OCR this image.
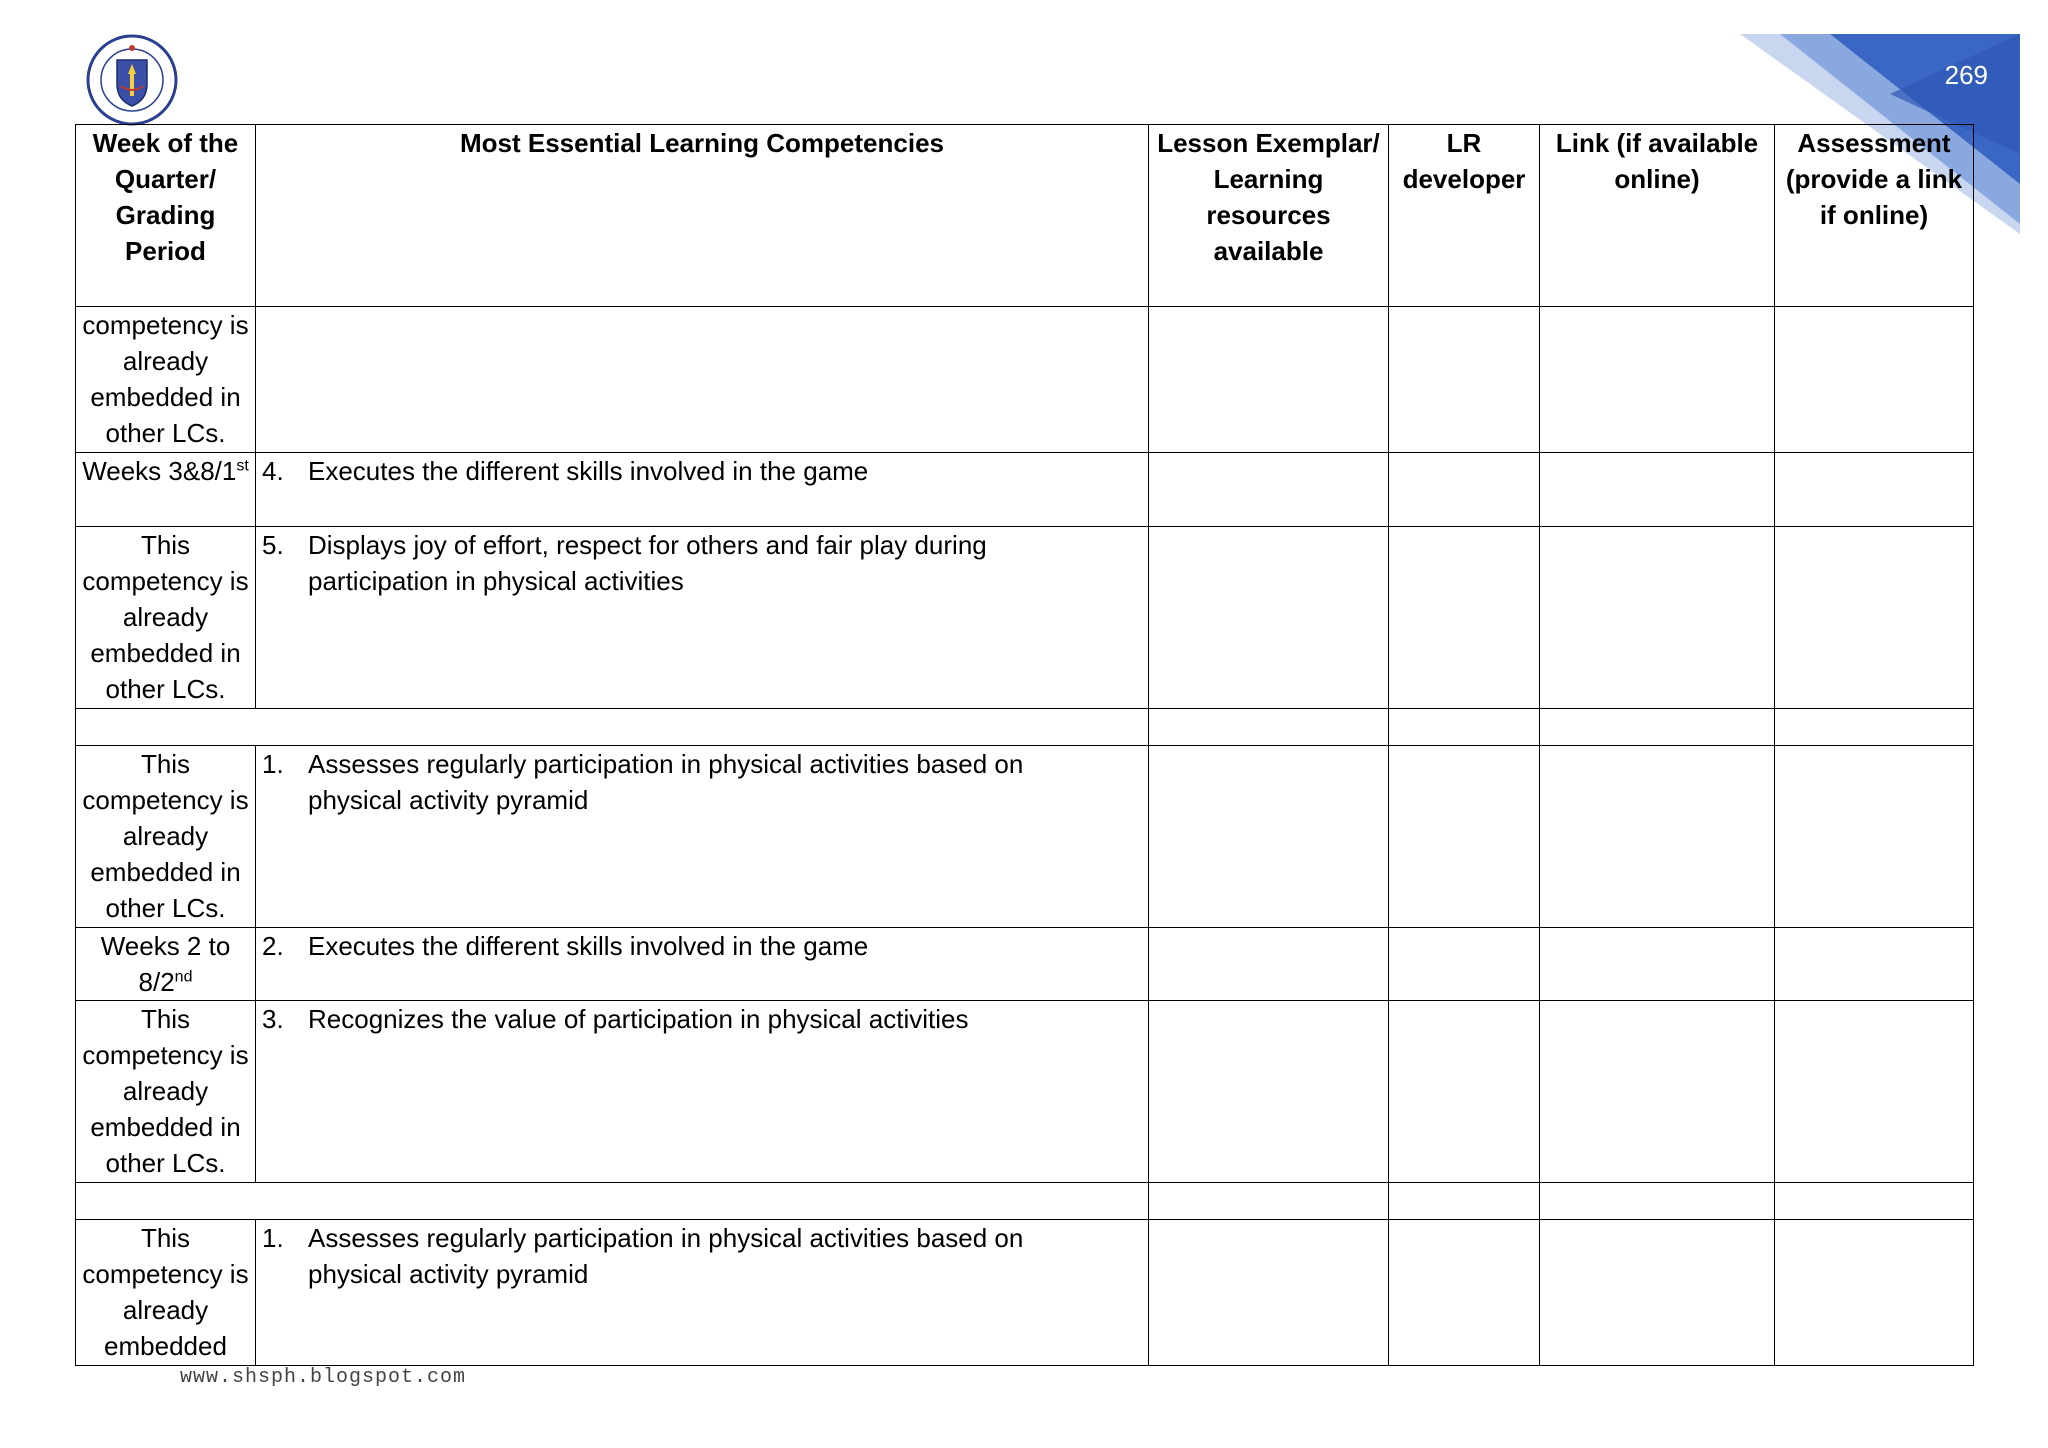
269
Week of the Quarter/ Grading Period	Most Essential Learning Competencies	Lesson Exemplar/ Learning resources available	LR developer	Link (if available online)	Assessment (provide a link if online)
competency is already embedded in other LCs.					
Weeks 3&8/1st	4. Executes the different skills involved in the game				

This competency is already embedded in other LCs.	5. Displays joy of effort, respect for others and fair play during participation in physical activities				

This competency is already embedded in other LCs.	1. Assesses regularly participation in physical activities based on physical activity pyramid				

Weeks 2 to 8/2nd	2. Executes the different skills involved in the game				

This competency is already embedded in other LCs.	3. Recognizes the value of participation in physical activities				

This competency is already embedded	1. Assesses regularly participation in physical activities based on physical activity pyramid				

www.shsph.blogspot.com
